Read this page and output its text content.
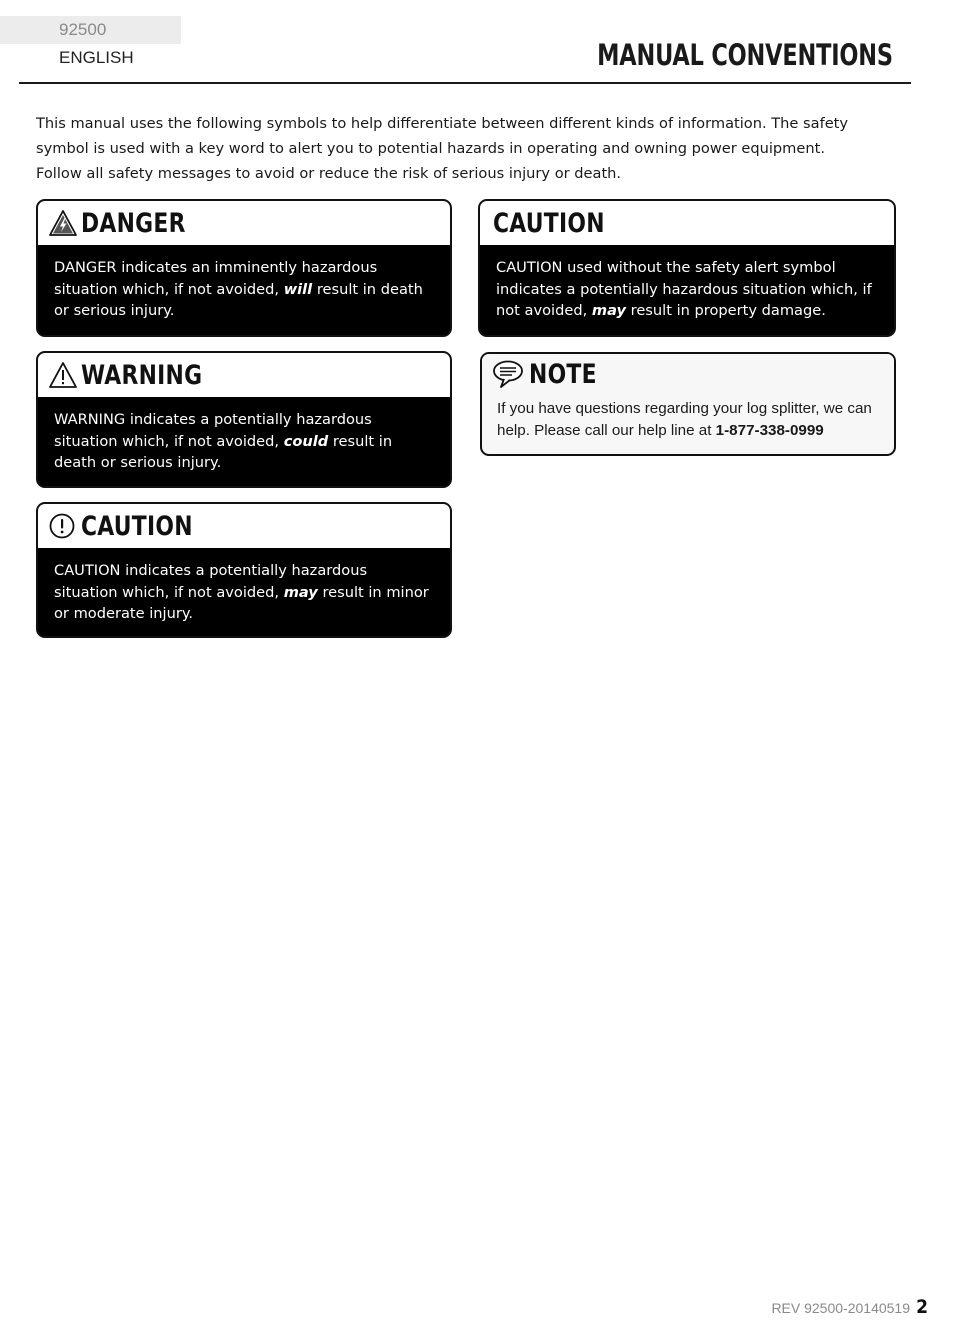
92500 ENGLISH	MANUAL CONVENTIONS

This manual uses the following symbols to help differentiate between different kinds of information. The safety symbol is used with a key word to alert you to potential hazards in operating and owning power equipment.

Follow all safety messages to avoid or reduce the risk of serious injury or death.

DANGER
DANGER indicates an imminently hazardous situation which, if not avoided, will result in death or serious injury.
WARNING
WARNING indicates a potentially hazardous situation which, if not avoided, could result in death or serious injury.
CAUTION
CAUTION indicates a potentially hazardous situation which, if not avoided, may result in minor or moderate injury.
CAUTION
CAUTION used without the safety alert symbol indicates a potentially hazardous situation which, if not avoided, may result in property damage.
NOTE
If you have questions regarding your log splitter, we can help. Please call our help line at 1-877-338-0999
REV 92500-20140519 2
